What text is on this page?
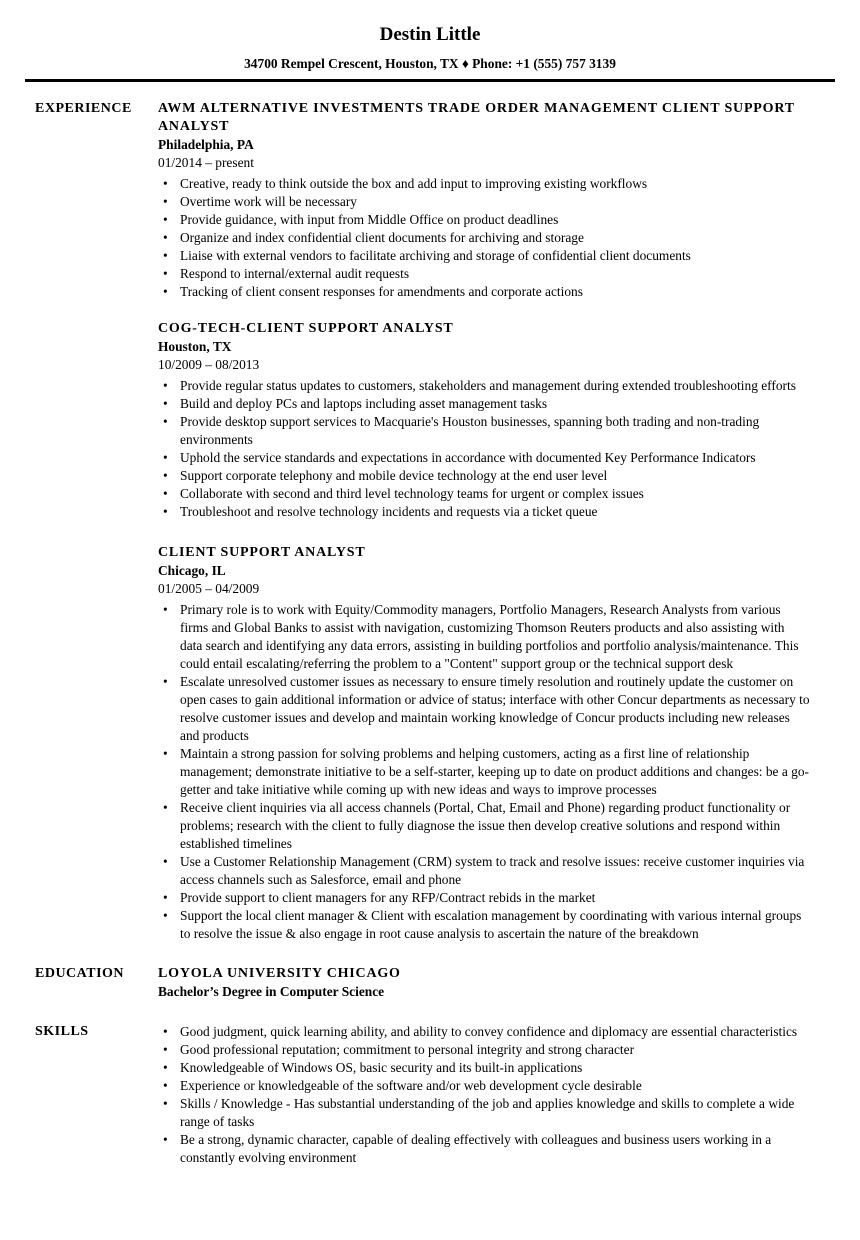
Destin Little
34700 Rempel Crescent, Houston, TX ♦ Phone: +1 (555) 757 3139
EXPERIENCE	AWM ALTERNATIVE INVESTMENTS TRADE ORDER MANAGEMENT CLIENT SUPPORT ANALYST
Philadelphia, PA
01/2014 – present
• Creative, ready to think outside the box and add input to improving existing workflows
• Overtime work will be necessary
• Provide guidance, with input from Middle Office on product deadlines
• Organize and index confidential client documents for archiving and storage
• Liaise with external vendors to facilitate archiving and storage of confidential client documents
• Respond to internal/external audit requests
• Tracking of client consent responses for amendments and corporate actions
COG-TECH-CLIENT SUPPORT ANALYST
Houston, TX
10/2009 – 08/2013
• Provide regular status updates to customers, stakeholders and management during extended troubleshooting efforts
• Build and deploy PCs and laptops including asset management tasks
• Provide desktop support services to Macquarie's Houston businesses, spanning both trading and non-trading environments
• Uphold the service standards and expectations in accordance with documented Key Performance Indicators
• Support corporate telephony and mobile device technology at the end user level
• Collaborate with second and third level technology teams for urgent or complex issues
• Troubleshoot and resolve technology incidents and requests via a ticket queue
CLIENT SUPPORT ANALYST
Chicago, IL
01/2005 – 04/2009
• Primary role is to work with Equity/Commodity managers, Portfolio Managers, Research Analysts from various firms and Global Banks to assist with navigation, customizing Thomson Reuters products and also assisting with data search and identifying any data errors, assisting in building portfolios and portfolio analysis/maintenance. This could entail escalating/referring the problem to a "Content" support group or the technical support desk
• Escalate unresolved customer issues as necessary to ensure timely resolution and routinely update the customer on open cases to gain additional information or advice of status; interface with other Concur departments as necessary to resolve customer issues and develop and maintain working knowledge of Concur products including new releases and products
• Maintain a strong passion for solving problems and helping customers, acting as a first line of relationship management; demonstrate initiative to be a self-starter, keeping up to date on product additions and changes: be a go-getter and take initiative while coming up with new ideas and ways to improve processes
• Receive client inquiries via all access channels (Portal, Chat, Email and Phone) regarding product functionality or problems; research with the client to fully diagnose the issue then develop creative solutions and respond within established timelines
• Use a Customer Relationship Management (CRM) system to track and resolve issues: receive customer inquiries via access channels such as Salesforce, email and phone
• Provide support to client managers for any RFP/Contract rebids in the market
• Support the local client manager & Client with escalation management by coordinating with various internal groups to resolve the issue & also engage in root cause analysis to ascertain the nature of the breakdown
EDUCATION	LOYOLA UNIVERSITY CHICAGO
Bachelor’s Degree in Computer Science
SKILLS	• Good judgment, quick learning ability, and ability to convey confidence and diplomacy are essential characteristics
• Good professional reputation; commitment to personal integrity and strong character
• Knowledgeable of Windows OS, basic security and its built-in applications
• Experience or knowledgeable of the software and/or web development cycle desirable
• Skills / Knowledge - Has substantial understanding of the job and applies knowledge and skills to complete a wide range of tasks
• Be a strong, dynamic character, capable of dealing effectively with colleagues and business users working in a constantly evolving environment
